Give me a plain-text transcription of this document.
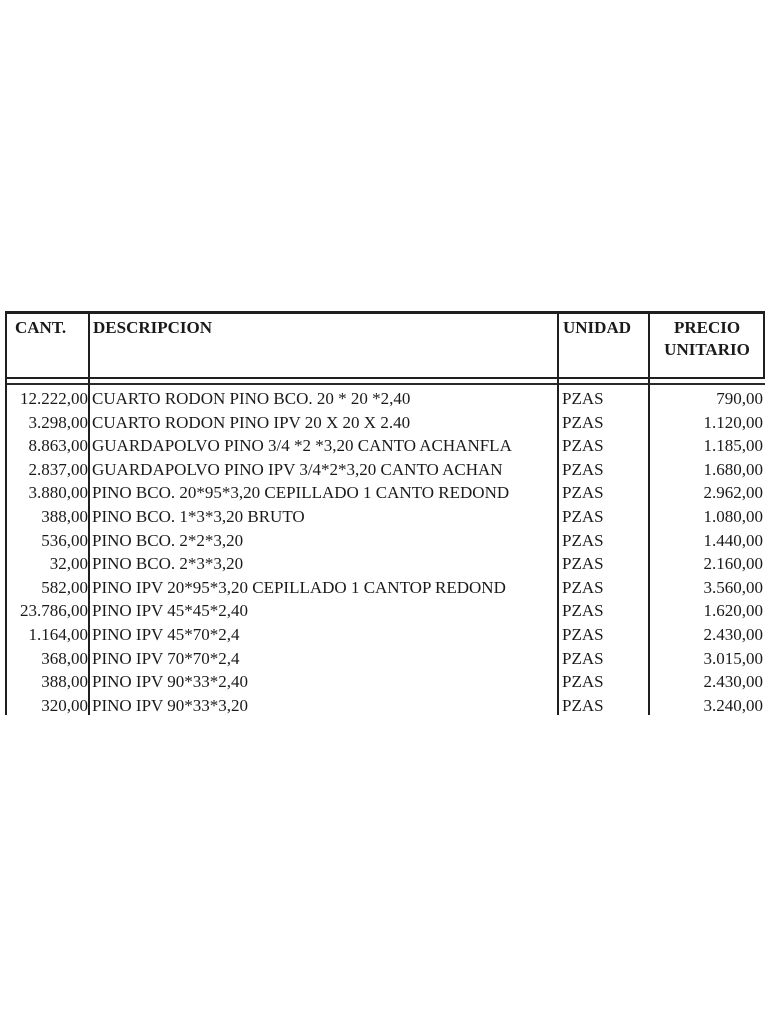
CANT.	DESCRIPCION	UNIDAD	PRECIO
UNITARIO
12.222,00 CUARTO RODON PINO BCO. 20 * 20 *2,40	PZAS	790,00
3.298,00 CUARTO RODON PINO IPV 20 X 20 X 2.40	PZAS	1.120,00
8.863,00 GUARDAPOLVO PINO 3/4 *2 *3,20 CANTO ACHANFLA	PZAS	1.185,00
2.837,00 GUARDAPOLVO PINO IPV 3/4*2*3,20 CANTO ACHAN	PZAS	1.680,00
3.880,00 PINO BCO. 20*95*3,20 CEPILLADO 1 CANTO REDOND	PZAS	2.962,00
388,00 PINO BCO. 1*3*3,20 BRUTO	PZAS	1.080,00
536,00 PINO BCO. 2*2*3,20	PZAS	1.440,00
32,00 PINO BCO. 2*3*3,20	PZAS	2.160,00
582,00 PINO IPV 20*95*3,20 CEPILLADO 1 CANTOP REDOND	PZAS	3.560,00
23.786,00 PINO IPV 45*45*2,40	PZAS	1.620,00
1.164,00 PINO IPV 45*70*2,4	PZAS	2.430,00
368,00 PINO IPV 70*70*2,4	PZAS	3.015,00
388,00 PINO IPV 90*33*2,40	PZAS	2.430,00
320,00 PINO IPV 90*33*3,20	PZAS	3.240,00
